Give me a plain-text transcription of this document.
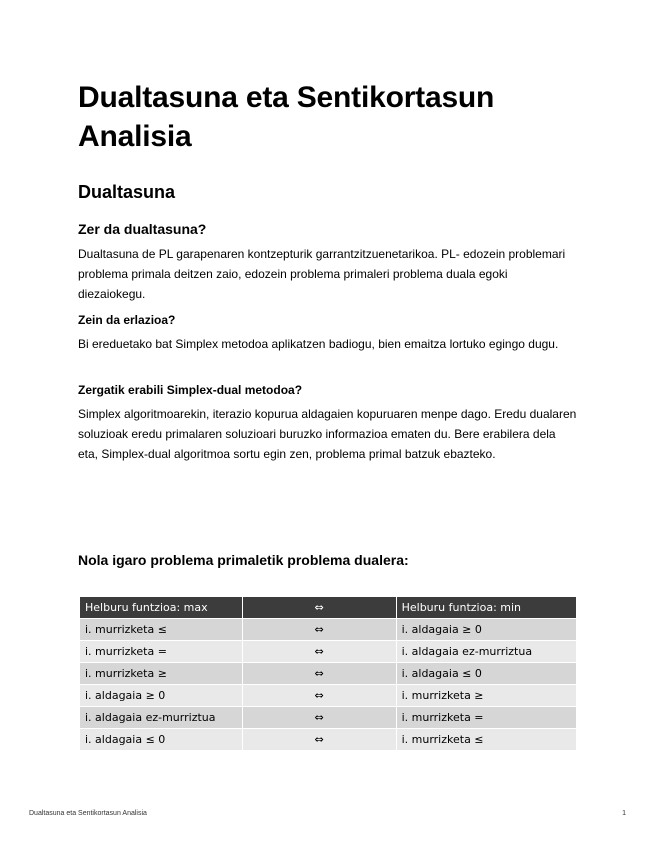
Dualtasuna eta Sentikortasun Analisia
Dualtasuna
Zer da dualtasuna?

Dualtasuna de PL garapenaren kontzepturik garrantzitzuenetarikoa. PL- edozein problemari problema primala deitzen zaio, edozein problema primaleri problema duala egoki diezaiokegu.

Zein da erlazioa?

Bi ereduetako bat Simplex metodoa aplikatzen badiogu, bien emaitza lortuko egingo dugu.

Zergatik erabili Simplex-dual metodoa?

Simplex algoritmoarekin, iterazio kopurua aldagaien kopuruaren menpe dago. Eredu dualaren soluzioak eredu primalaren soluzioari buruzko informazioa ematen du. Bere erabilera dela eta, Simplex-dual algoritmoa sortu egin zen, problema primal batzuk ebazteko.

Nola igaro problema primaletik problema dualera:
Helburu funtzioa: max	⇔	Helburu funtzioa: min
i. murrizketa ≤	⇔	i. aldagaia ≥ 0
i. murrizketa =	⇔	i. aldagaia ez-murriztua
i. murrizketa ≥	⇔	i. aldagaia ≤ 0
i. aldagaia ≥ 0	⇔	i. murrizketa ≥
i. aldagaia ez-murriztua	⇔	i. murrizketa =
i. aldagaia ≤ 0	⇔	i. murrizketa ≤
Dualtasuna eta Sentikortasun Analisia	1
